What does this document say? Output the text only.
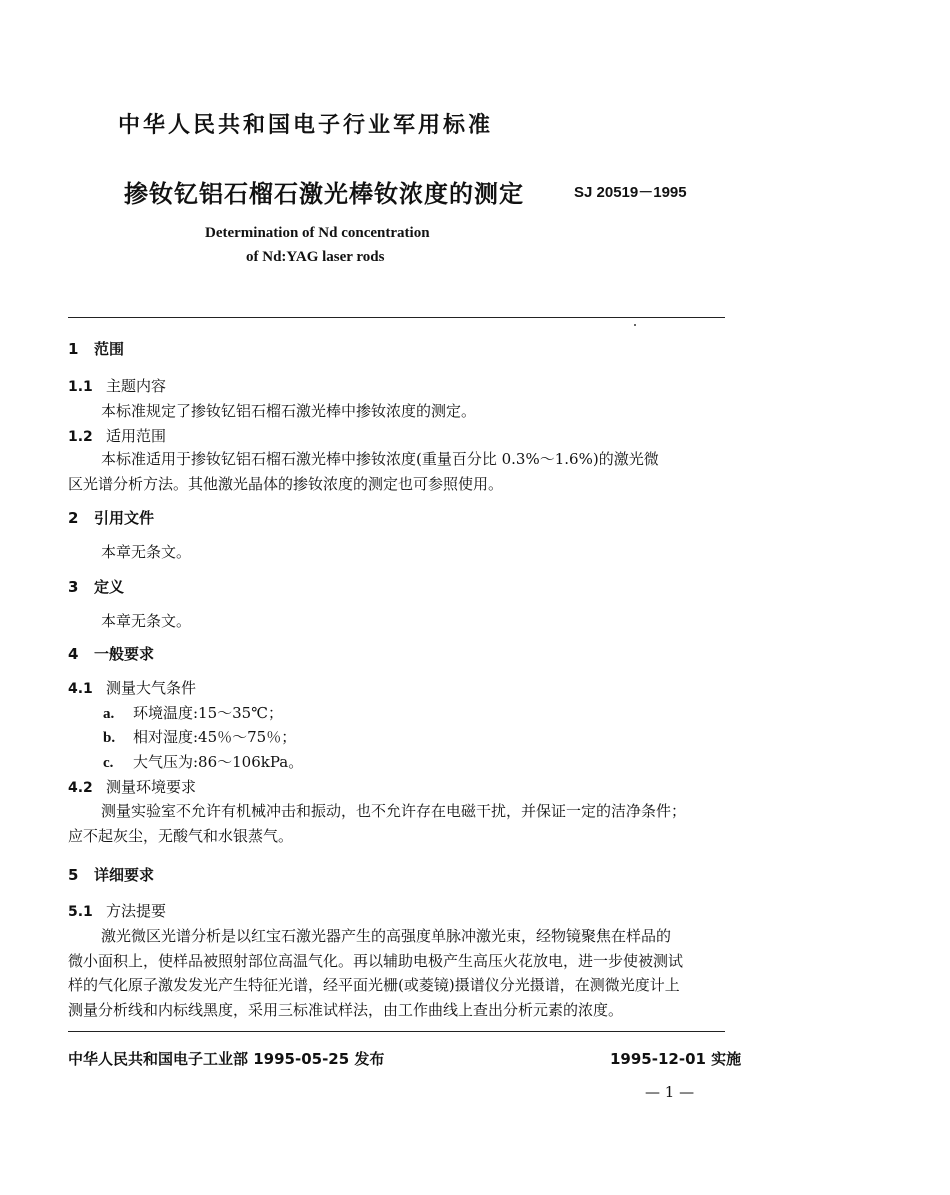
中华人民共和国电子行业军用标准
掺钕钇铝石榴石激光棒钕浓度的测定	SJ 20519－1995
Determination of Nd concentration
of Nd:YAG laser rods
1 范围
1.1 主题内容
本标准规定了掺钕钇铝石榴石激光棒中掺钕浓度的测定。
1.2 适用范围
本标准适用于掺钕钇铝石榴石激光棒中掺钕浓度(重量百分比 0.3%～1.6%)的激光微
区光谱分析方法。其他激光晶体的掺钕浓度的测定也可参照使用。
2 引用文件
本章无条文。
3 定义
本章无条文。
4 一般要求
4.1 测量大气条件
a. 环境温度:15～35℃；
b. 相对湿度:45％～75％；
c. 大气压为:86～106kPa。
4.2 测量环境要求
测量实验室不允许有机械冲击和振动，也不允许存在电磁干扰，并保证一定的洁净条件；
应不起灰尘，无酸气和水银蒸气。
5 详细要求
5.1 方法提要
激光微区光谱分析是以红宝石激光器产生的高强度单脉冲激光束，经物镜聚焦在样品的
微小面积上，使样品被照射部位高温气化。再以辅助电极产生高压火花放电，进一步使被测试
样的气化原子激发发光产生特征光谱，经平面光栅(或菱镜)摄谱仪分光摄谱，在测微光度计上
测量分析线和内标线黑度，采用三标准试样法，由工作曲线上查出分析元素的浓度。
中华人民共和国电子工业部 1995-05-25 发布	1995-12-01 实施
— 1 —
